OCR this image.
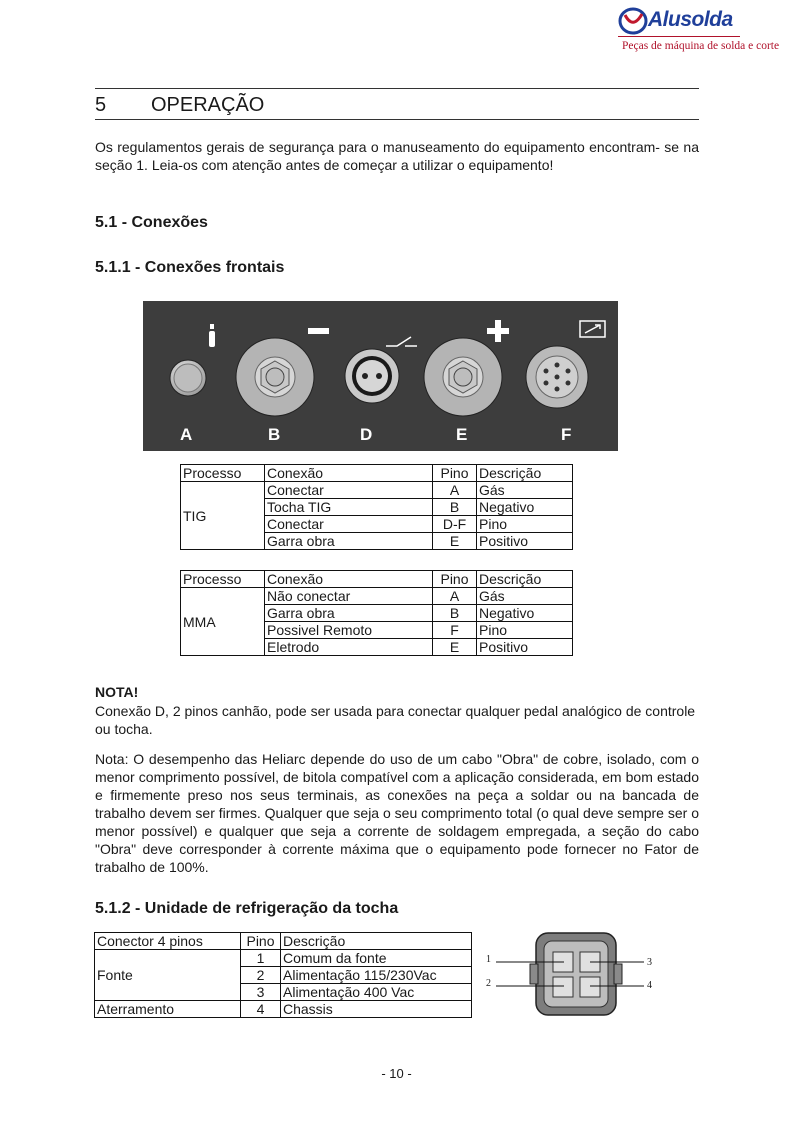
Alusolda
Peças de máquina de solda e corte
5 OPERAÇÃO
Os regulamentos gerais de segurança para o manuseamento do equipamento encontram- se na seção 1. Leia-os com atenção antes de começar a utilizar o equipamento!
5.1 - Conexões
5.1.1 - Conexões frontais
A	B	D	E	F
Processo	Conexão	Pino	Descrição
TIG	Conectar	A	Gás
	Tocha TIG	B	Negativo
	Conectar	D-F	Pino
	Garra obra	E	Positivo
Processo	Conexão	Pino	Descrição
MMA	Não conectar	A	Gás
	Garra obra	B	Negativo
	Possivel Remoto	F	Pino
	Eletrodo	E	Positivo
NOTA!
Conexão D, 2 pinos canhão, pode ser usada para conectar qualquer pedal analógico de controle ou tocha.
Nota: O desempenho das Heliarc depende do uso de um cabo "Obra" de cobre, isolado, com o menor comprimento possível, de bitola compatível com a aplicação considerada, em bom estado e firmemente preso nos seus terminais, as conexões na peça a soldar ou na bancada de trabalho devem ser firmes. Qualquer que seja o seu comprimento total (o qual deve sempre ser o menor possível) e qualquer que seja a corrente de soldagem empregada, a seção do cabo "Obra" deve corresponder à corrente máxima que o equipamento pode fornecer no Fator de trabalho de 100%.
5.1.2 - Unidade de refrigeração da tocha
Conector 4 pinos	Pino	Descrição
Fonte	1	Comum da fonte
	2	Alimentação 115/230Vac
	3	Alimentação 400 Vac
Aterramento	4	Chassis
1
2
3
4
- 10 -
